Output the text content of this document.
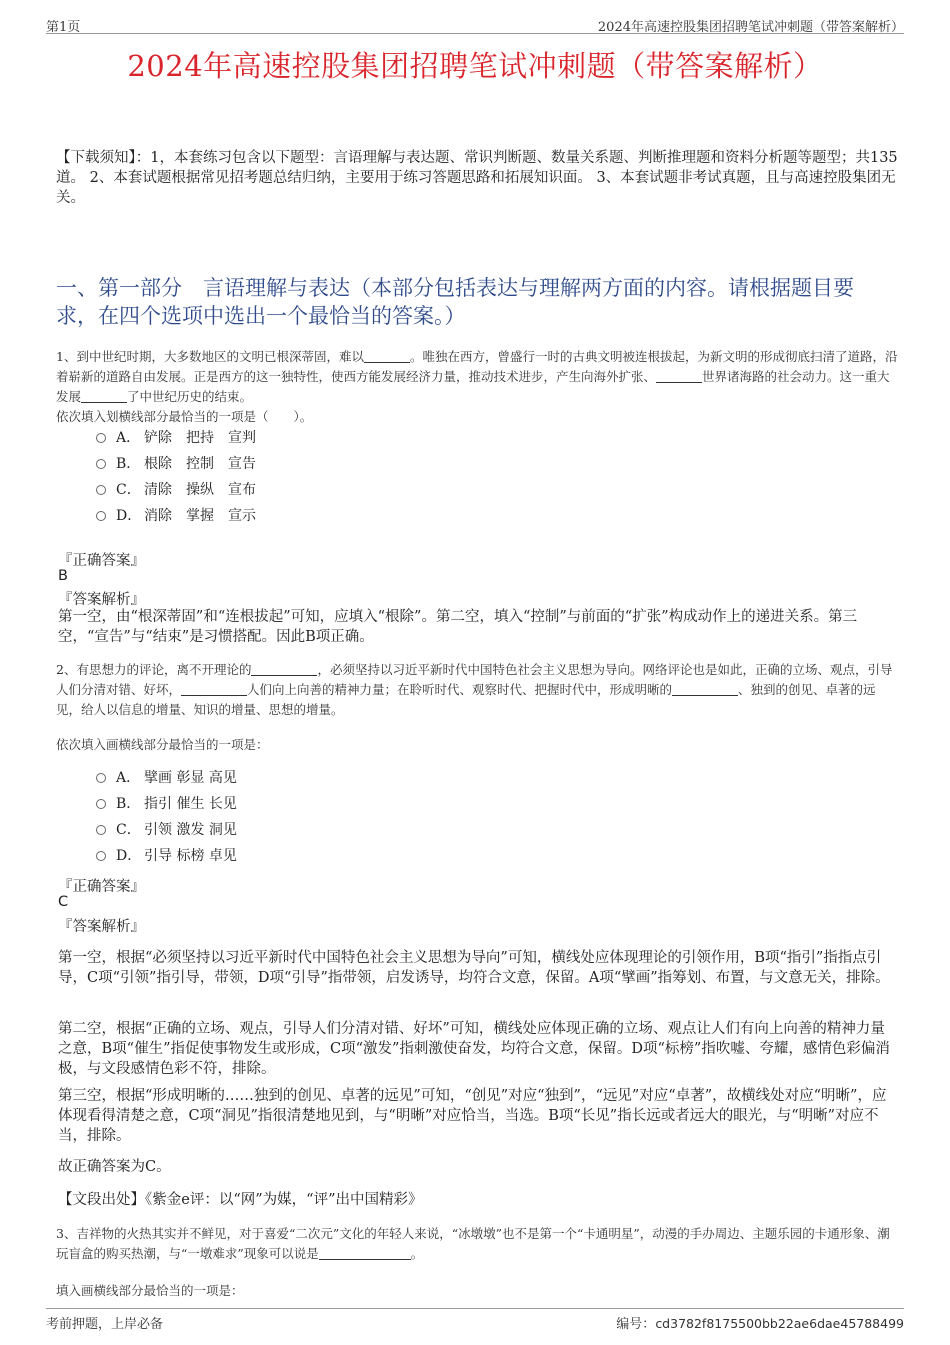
第1页	2024年高速控股集团招聘笔试冲刺题（带答案解析）
2024年高速控股集团招聘笔试冲刺题（带答案解析）
【下载须知】：1，本套练习包含以下题型：言语理解与表达题、常识判断题、数量关系题、判断推理题和资料分析题等题型；共135道。 2、本套试题根据常见招考题总结归纳，主要用于练习答题思路和拓展知识面。 3、本套试题非考试真题，且与高速控股集团无关。
一、第一部分　言语理解与表达（本部分包括表达与理解两方面的内容。请根据题目要求，在四个选项中选出一个最恰当的答案。）
1、到中世纪时期，大多数地区的文明已根深蒂固，难以	。唯独在西方，曾盛行一时的古典文明被连根拔起，为新文明的形成彻底扫清了道路，沿着崭新的道路自由发展。正是西方的这一独特性，使西方能发展经济力量，推动技术进步，产生向海外扩张、	世界诸海路的社会动力。这一重大发展	了中世纪历史的结束。
依次填入划横线部分最恰当的一项是（　　）。
A． 铲除　把持　宣判
B． 根除　控制　宣告
C． 清除　操纵　宣布
D． 消除　掌握　宣示
『正确答案』
B
『答案解析』
第一空，由“根深蒂固”和“连根拔起”可知，应填入“根除”。第二空，填入“控制”与前面的“扩张”构成动作上的递进关系。第三空，“宣告”与“结束”是习惯搭配。因此B项正确。
2、有思想力的评论，离不开理论的	，必须坚持以习近平新时代中国特色社会主义思想为导向。网络评论也是如此，正确的立场、观点，引导人们分清对错、好坏，	人们向上向善的精神力量；在聆听时代、观察时代、把握时代中，形成明晰的	、独到的创见、卓著的远见，给人以信息的增量、知识的增量、思想的增量。
依次填入画横线部分最恰当的一项是：
A． 擘画 彰显 高见
B． 指引 催生 长见
C． 引领 激发 洞见
D． 引导 标榜 卓见
『正确答案』
C
『答案解析』
第一空，根据“必须坚持以习近平新时代中国特色社会主义思想为导向”可知，横线处应体现理论的引领作用，B项“指引”指指点引导，C项“引领”指引导，带领，D项“引导”指带领，启发诱导，均符合文意，保留。A项“擘画”指筹划、布置，与文意无关，排除。
第二空，根据“正确的立场、观点，引导人们分清对错、好坏”可知，横线处应体现正确的立场、观点让人们有向上向善的精神力量之意，B项“催生”指促使事物发生或形成，C项“激发”指刺激使奋发，均符合文意，保留。D项“标榜”指吹嘘、夸耀，感情色彩偏消极，与文段感情色彩不符，排除。
第三空，根据“形成明晰的……独到的创见、卓著的远见”可知，“创见”对应“独到”，“远见”对应“卓著”，故横线处对应“明晰”，应体现看得清楚之意，C项“洞见”指很清楚地见到，与“明晰”对应恰当，当选。B项“长见”指长远或者远大的眼光，与“明晰”对应不当，排除。
故正确答案为C。
【文段出处】《紫金e评：以“网”为媒，“评”出中国精彩》
3、吉祥物的火热其实并不鲜见，对于喜爱“二次元”文化的年轻人来说，“冰墩墩”也不是第一个“卡通明星”，动漫的手办周边、主题乐园的卡通形象、潮玩盲盒的购买热潮，与“一墩难求”现象可以说是	。
填入画横线部分最恰当的一项是：
考前押题，上岸必备	编号：cd3782f8175500bb22ae6dae45788499
